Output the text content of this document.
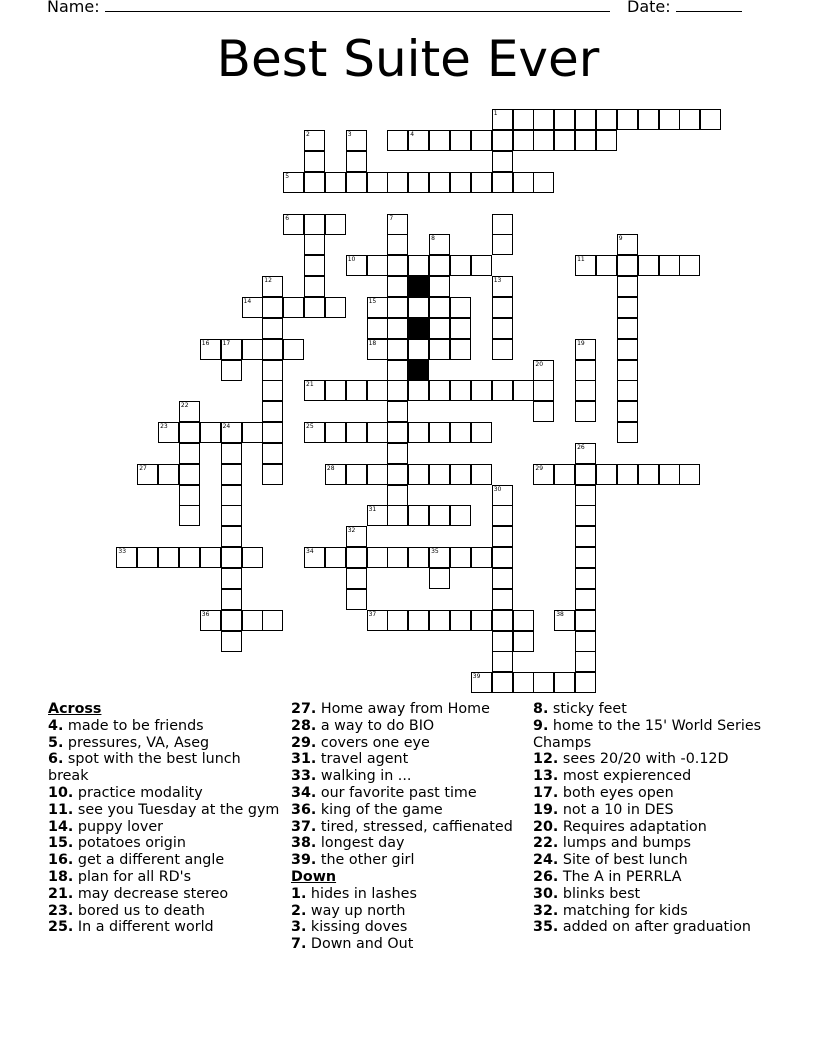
Name:	Date:
Best Suite Ever
1
2	3	4
5
6	7
8	9
10	11
12	13
14	15
16 17	18	19
20
21
22
23	24	25
26
27	28	29
30
31
32
33	34	35
36	37	38
39
Across
4. made to be friends
5. pressures, VA, Aseg
6. spot with the best lunch break
10. practice modality
11. see you Tuesday at the gym
14. puppy lover
15. potatoes origin
16. get a different angle
18. plan for all RD's
21. may decrease stereo
23. bored us to death
25. In a different world
27. Home away from Home
28. a way to do BIO
29. covers one eye
31. travel agent
33. walking in ...
34. our favorite past time
36. king of the game
37. tired, stressed, caffienated
38. longest day
39. the other girl
Down
1. hides in lashes
2. way up north
3. kissing doves
7. Down and Out
8. sticky feet
9. home to the 15' World Series Champs
12. sees 20/20 with -0.12D
13. most expierenced
17. both eyes open
19. not a 10 in DES
20. Requires adaptation
22. lumps and bumps
24. Site of best lunch
26. The A in PERRLA
30. blinks best
32. matching for kids
35. added on after graduation
